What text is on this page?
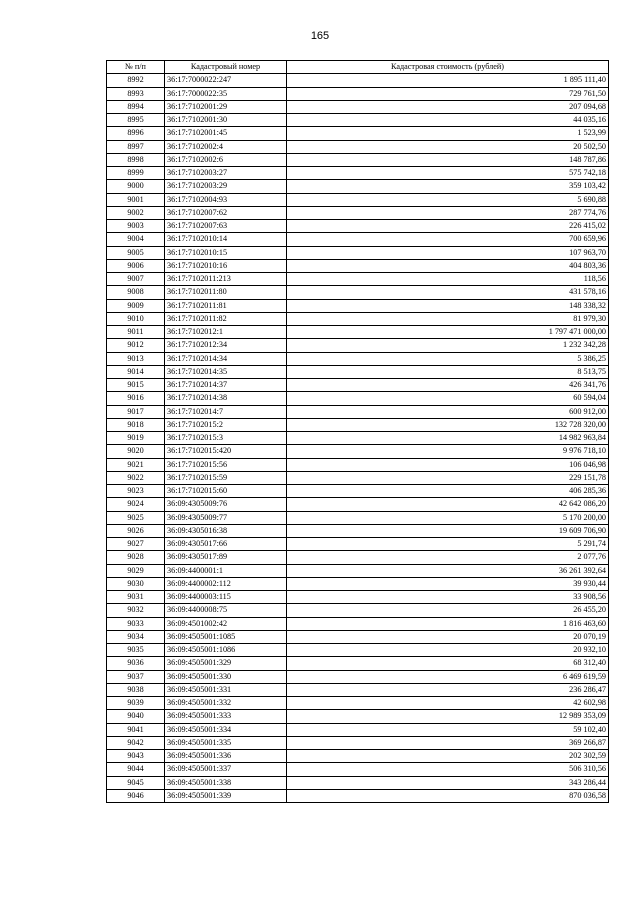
165
№ п/п	Кадастровый номер	Кадастровая стоимость (рублей)
8992	36:17:7000022:247	1 895 111,40
8993	36:17:7000022:35	729 761,50
8994	36:17:7102001:29	207 094,68
8995	36:17:7102001:30	44 035,16
8996	36:17:7102001:45	1 523,99
8997	36:17:7102002:4	20 502,50
8998	36:17:7102002:6	148 787,86
8999	36:17:7102003:27	575 742,18
9000	36:17:7102003:29	359 103,42
9001	36:17:7102004:93	5 690,88
9002	36:17:7102007:62	287 774,76
9003	36:17:7102007:63	226 415,02
9004	36:17:7102010:14	700 659,96
9005	36:17:7102010:15	107 963,70
9006	36:17:7102010:16	404 803,36
9007	36:17:7102011:213	118,56
9008	36:17:7102011:80	431 578,16
9009	36:17:7102011:81	148 338,32
9010	36:17:7102011:82	81 979,30
9011	36:17:7102012:1	1 797 471 000,00
9012	36:17:7102012:34	1 232 342,28
9013	36:17:7102014:34	5 386,25
9014	36:17:7102014:35	8 513,75
9015	36:17:7102014:37	426 341,76
9016	36:17:7102014:38	60 594,04
9017	36:17:7102014:7	600 912,00
9018	36:17:7102015:2	132 728 320,00
9019	36:17:7102015:3	14 982 963,84
9020	36:17:7102015:420	9 976 718,10
9021	36:17:7102015:56	106 046,98
9022	36:17:7102015:59	229 151,78
9023	36:17:7102015:60	406 285,36
9024	36:09:4305009:76	42 642 086,20
9025	36:09:4305009:77	5 170 200,00
9026	36:09:4305016:38	19 609 706,90
9027	36:09:4305017:66	5 291,74
9028	36:09:4305017:89	2 077,76
9029	36:09:4400001:1	36 261 392,64
9030	36:09:4400002:112	39 930,44
9031	36:09:4400003:115	33 908,56
9032	36:09:4400008:75	26 455,20
9033	36:09:4501002:42	1 816 463,60
9034	36:09:4505001:1085	20 070,19
9035	36:09:4505001:1086	20 932,10
9036	36:09:4505001:329	68 312,40
9037	36:09:4505001:330	6 469 619,59
9038	36:09:4505001:331	236 286,47
9039	36:09:4505001:332	42 602,98
9040	36:09:4505001:333	12 989 353,09
9041	36:09:4505001:334	59 102,40
9042	36:09:4505001:335	369 266,87
9043	36:09:4505001:336	202 302,59
9044	36:09:4505001:337	506 310,56
9045	36:09:4505001:338	343 286,44
9046	36:09:4505001:339	870 036,58
